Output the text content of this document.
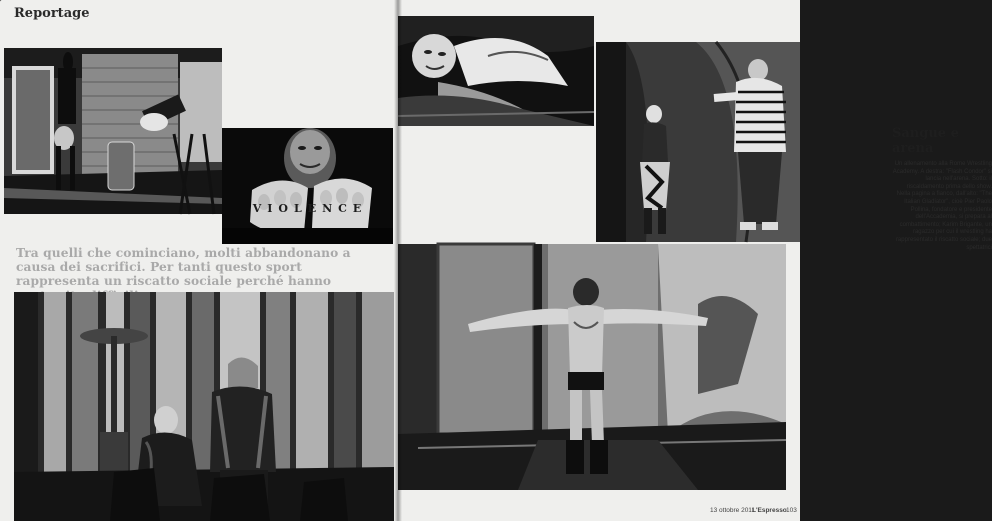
Reportage
VIOLENCE
Tra quelli che cominciano, molti abbandonano a causa dei sacrifici. Per tanti questo sport rappresenta un riscatto sociale perché hanno
Sangue e arena
Un allenamento alla Rome Wrestling Academy. A destra: "Flash Condor" si lancia nell'arena. Sotto: il riscaldamento prima dello show. Nella pagina a fianco, dall'alto: "The Italian Gladiator", cioè Pier Paolo Pollina, fondatore e presidente dell'Accademia, si prepara al combattimento; Karim Brigante, un ragazzo per cui il wrestling ha rappresentato il riscatto sociale; due spettatrici
13 ottobre 2011
L'Espresso 103
